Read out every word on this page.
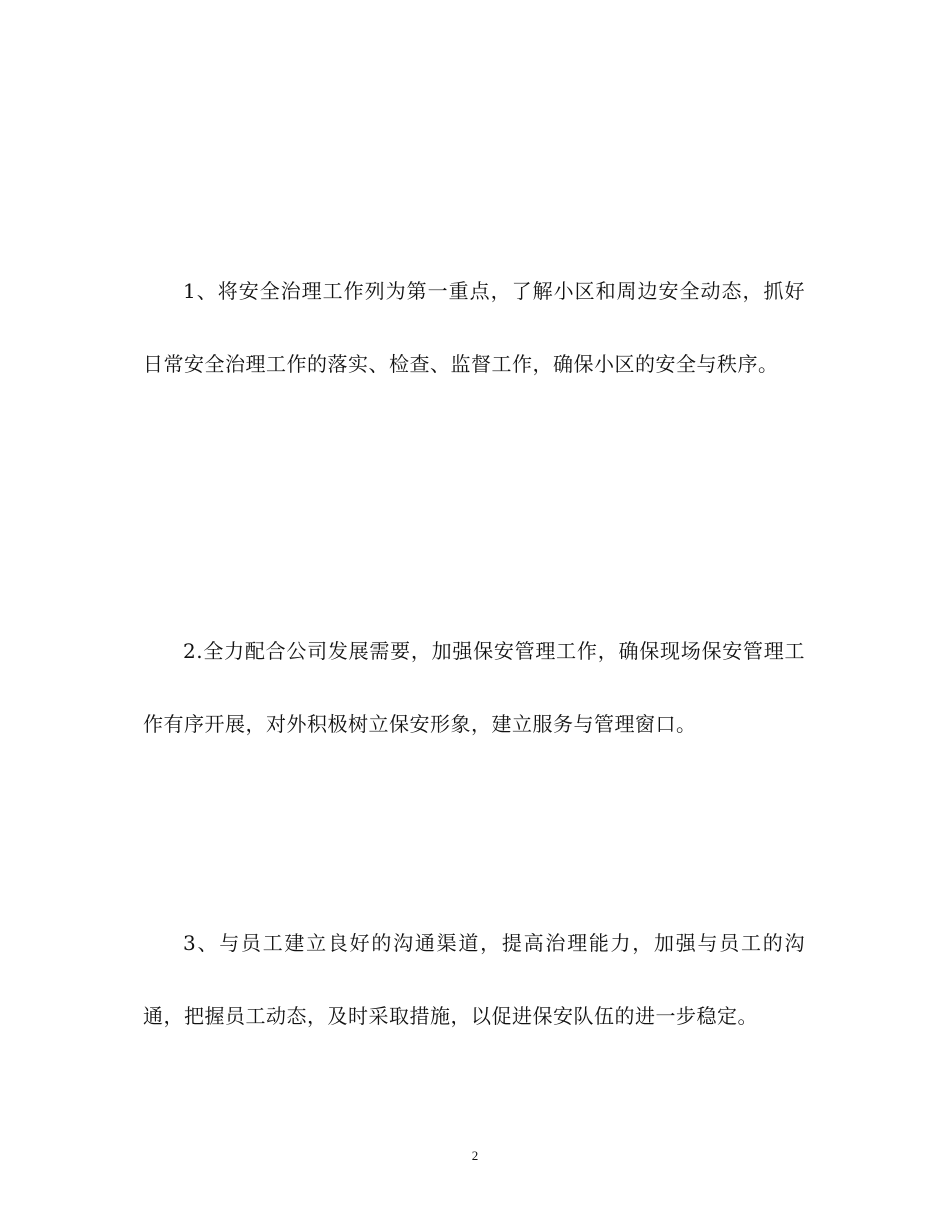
1、将安全治理工作列为第一重点，了解小区和周边安全动态，抓好日常安全治理工作的落实、检查、监督工作，确保小区的安全与秩序。

2.全力配合公司发展需要，加强保安管理工作，确保现场保安管理工作有序开展，对外积极树立保安形象，建立服务与管理窗口。

3、与员工建立良好的沟通渠道，提高治理能力，加强与员工的沟通，把握员工动态，及时采取措施，以促进保安队伍的进一步稳定。

2
